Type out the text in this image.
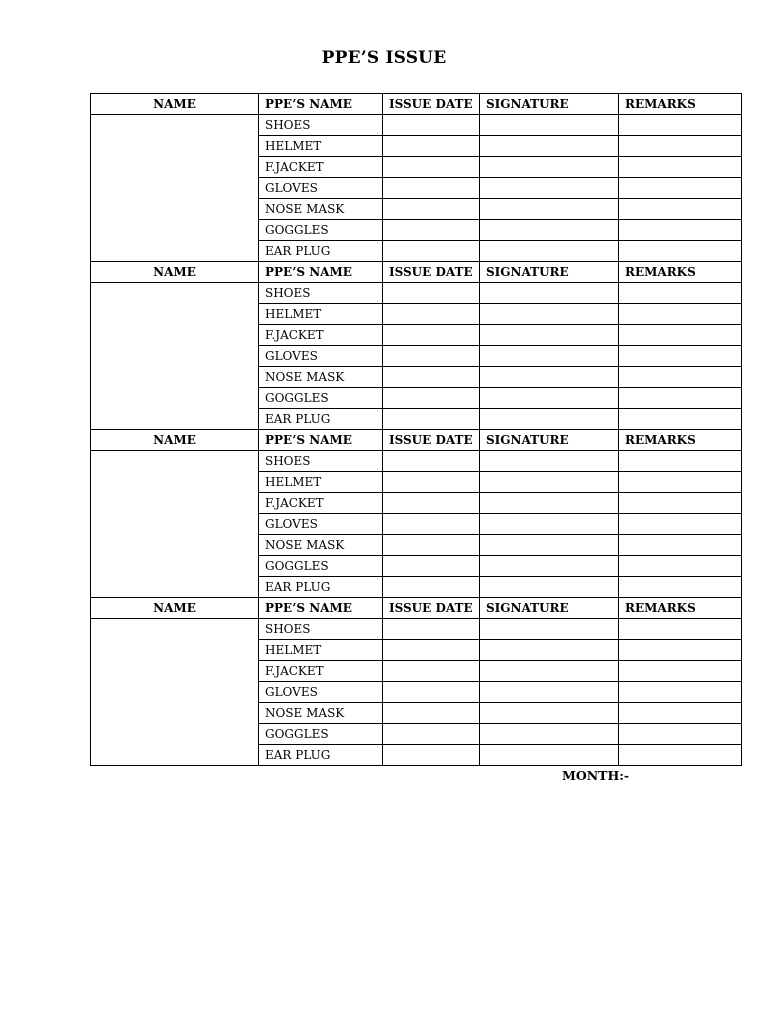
PPE’S ISSUE
NAME	PPE’S NAME	ISSUE DATE	SIGNATURE	REMARKS
	SHOES			
	HELMET			
	F.JACKET			
	GLOVES			
	NOSE MASK			
	GOGGLES			
	EAR PLUG			
NAME	PPE’S NAME	ISSUE DATE	SIGNATURE	REMARKS
	SHOES			
	HELMET			
	F.JACKET			
	GLOVES			
	NOSE MASK			
	GOGGLES			
	EAR PLUG			
NAME	PPE’S NAME	ISSUE DATE	SIGNATURE	REMARKS
	SHOES			
	HELMET			
	F.JACKET			
	GLOVES			
	NOSE MASK			
	GOGGLES			
	EAR PLUG			
NAME	PPE’S NAME	ISSUE DATE	SIGNATURE	REMARKS
	SHOES			
	HELMET			
	F.JACKET			
	GLOVES			
	NOSE MASK			
	GOGGLES			
	EAR PLUG			
MONTH:-
